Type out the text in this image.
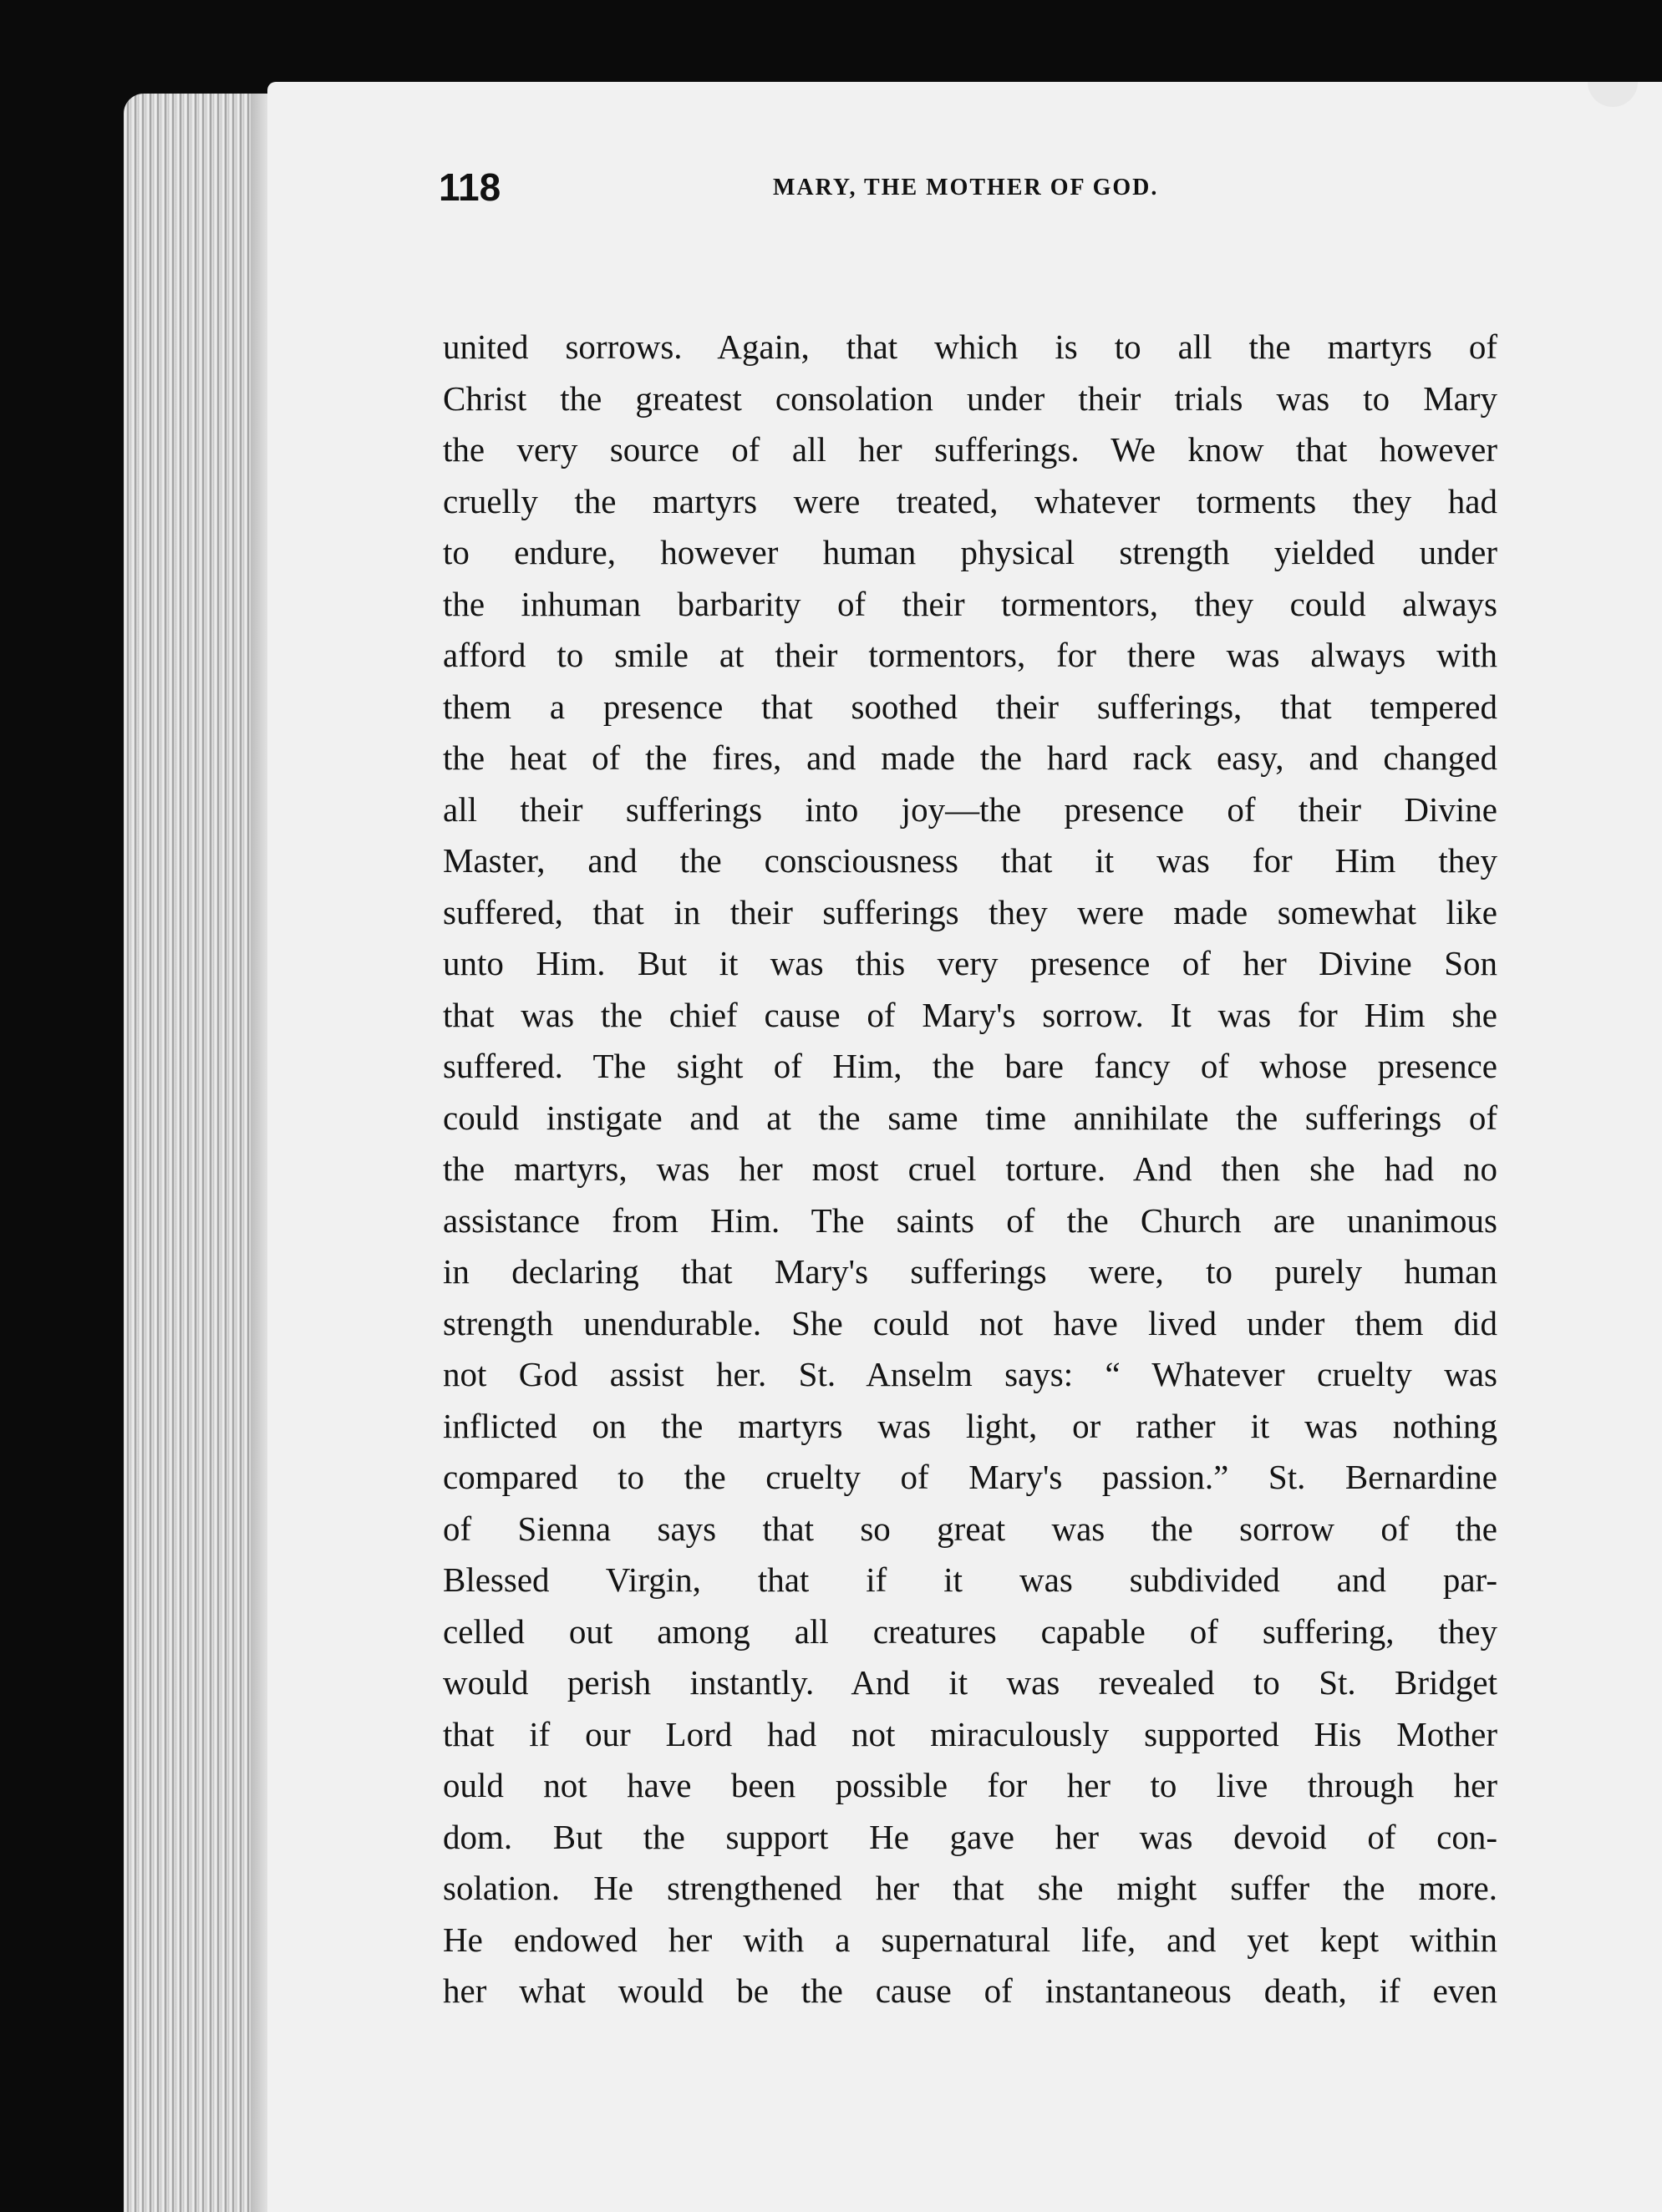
118	MARY, THE MOTHER OF GOD.
united sorrows. Again, that which is to all the martyrs of
Christ the greatest consolation under their trials was to Mary
the very source of all her sufferings. We know that however
cruelly the martyrs were treated, whatever torments they had
to endure, however human physical strength yielded under
the inhuman barbarity of their tormentors, they could always
afford to smile at their tormentors, for there was always with
them a presence that soothed their sufferings, that tempered
the heat of the fires, and made the hard rack easy, and changed
all their sufferings into joy—the presence of their Divine
Master, and the consciousness that it was for Him they
suffered, that in their sufferings they were made somewhat like
unto Him. But it was this very presence of her Divine Son
that was the chief cause of Mary's sorrow. It was for Him she
suffered. The sight of Him, the bare fancy of whose presence
could instigate and at the same time annihilate the sufferings of
the martyrs, was her most cruel torture. And then she had no
assistance from Him. The saints of the Church are unanimous
in declaring that Mary's sufferings were, to purely human
strength unendurable. She could not have lived under them did
not God assist her. St. Anselm says: “ Whatever cruelty was
inflicted on the martyrs was light, or rather it was nothing
compared to the cruelty of Mary's passion.” St. Bernardine
of Sienna says that so great was the sorrow of the
Blessed Virgin, that if it was subdivided and par-
celled out among all creatures capable of suffering, they
would perish instantly. And it was revealed to St. Bridget
that if our Lord had not miraculously supported His Mother
ould not have been possible for her to live through her
dom. But the support He gave her was devoid of con-
solation. He strengthened her that she might suffer the more.
He endowed her with a supernatural life, and yet kept within
her what would be the cause of instantaneous death, if even
